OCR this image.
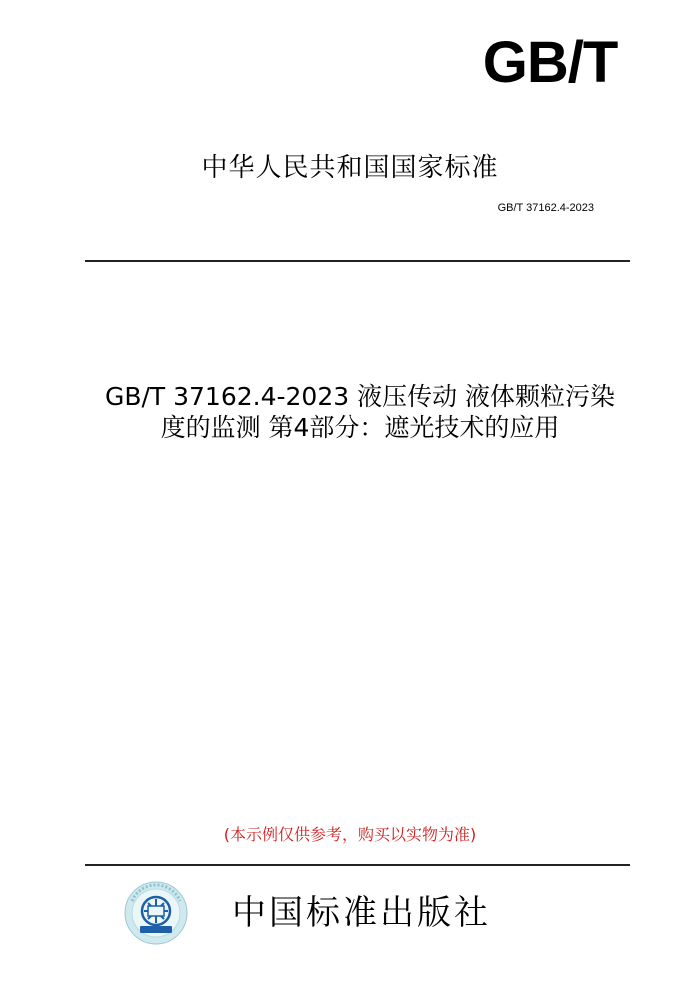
GB/T
中华人民共和国国家标准
GB/T 37162.4-2023
GB/T 37162.4-2023 液压传动 液体颗粒污染
度的监测 第4部分：遮光技术的应用
(本示例仅供参考，购买以实物为准)
中国标准出版社
